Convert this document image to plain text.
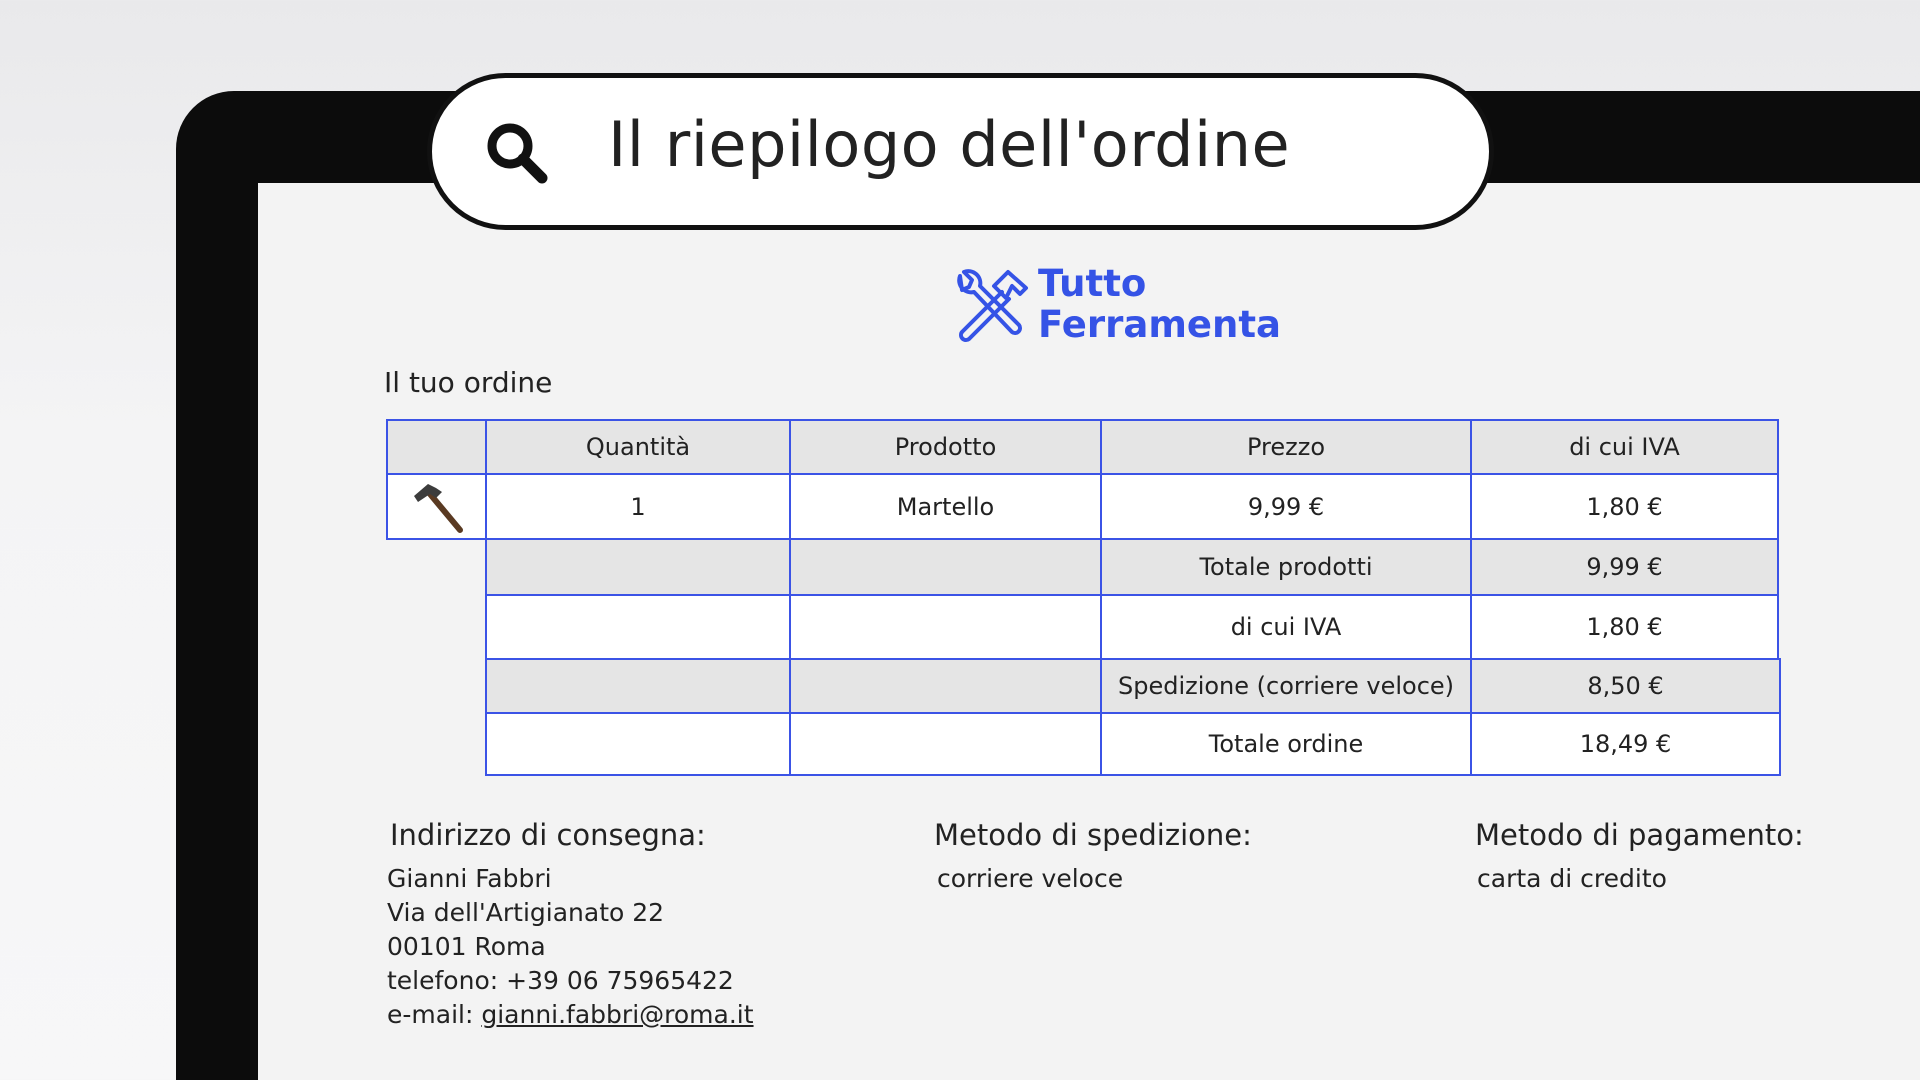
Il riepilogo dell'ordine
Tutto
Ferramenta
Il tuo ordine
Quantità	Prodotto	Prezzo	di cui IVA
1	Martello	9,99 €	1,80 €
Totale prodotti	9,99 €
di cui IVA	1,80 €
Spedizione (corriere veloce)	8,50 €
Totale ordine	18,49 €
Indirizzo di consegna:
Gianni Fabbri
Via dell'Artigianato 22
00101 Roma
telefono: +39 06 75965422
e-mail: gianni.fabbri@roma.it
Metodo di spedizione:
corriere veloce
Metodo di pagamento:
carta di credito
